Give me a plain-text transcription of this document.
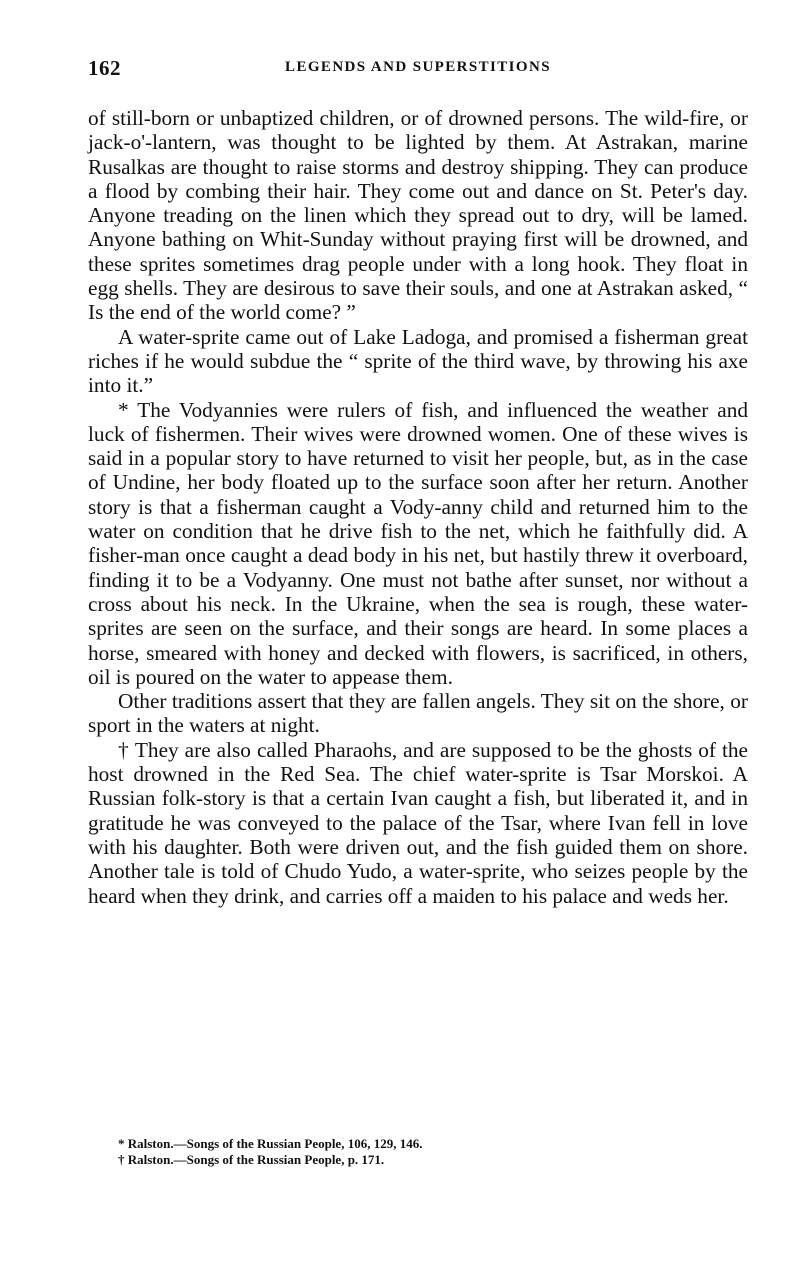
162	LEGENDS AND SUPERSTITIONS

of still-born or unbaptized children, or of drowned persons. The wild-fire, or jack-o'-lantern, was thought to be lighted by them. At Astrakan, marine Rusalkas are thought to raise storms and destroy shipping. They can produce a flood by combing their hair. They come out and dance on St. Peter's day. Anyone treading on the linen which they spread out to dry, will be lamed. Anyone bathing on Whit-Sunday without praying first will be drowned, and these sprites sometimes drag people under with a long hook. They float in egg shells. They are desirous to save their souls, and one at Astrakan asked, “ Is the end of the world come? ”

A water-sprite came out of Lake Ladoga, and promised a fisherman great riches if he would subdue the “ sprite of the third wave, by throwing his axe into it.”

* The Vodyannies were rulers of fish, and influenced the weather and luck of fishermen. Their wives were drowned women. One of these wives is said in a popular story to have returned to visit her people, but, as in the case of Undine, her body floated up to the surface soon after her return. Another story is that a fisherman caught a Vody-anny child and returned him to the water on condition that he drive fish to the net, which he faithfully did. A fisher-man once caught a dead body in his net, but hastily threw it overboard, finding it to be a Vodyanny. One must not bathe after sunset, nor without a cross about his neck. In the Ukraine, when the sea is rough, these water-sprites are seen on the surface, and their songs are heard. In some places a horse, smeared with honey and decked with flowers, is sacrificed, in others, oil is poured on the water to appease them.

Other traditions assert that they are fallen angels. They sit on the shore, or sport in the waters at night.

† They are also called Pharaohs, and are supposed to be the ghosts of the host drowned in the Red Sea. The chief water-sprite is Tsar Morskoi. A Russian folk-story is that a certain Ivan caught a fish, but liberated it, and in gratitude he was conveyed to the palace of the Tsar, where Ivan fell in love with his daughter. Both were driven out, and the fish guided them on shore. Another tale is told of Chudo Yudo, a water-sprite, who seizes people by the heard when they drink, and carries off a maiden to his palace and weds her.

* Ralston.—Songs of the Russian People, 106, 129, 146.
† Ralston.—Songs of the Russian People, p. 171.
